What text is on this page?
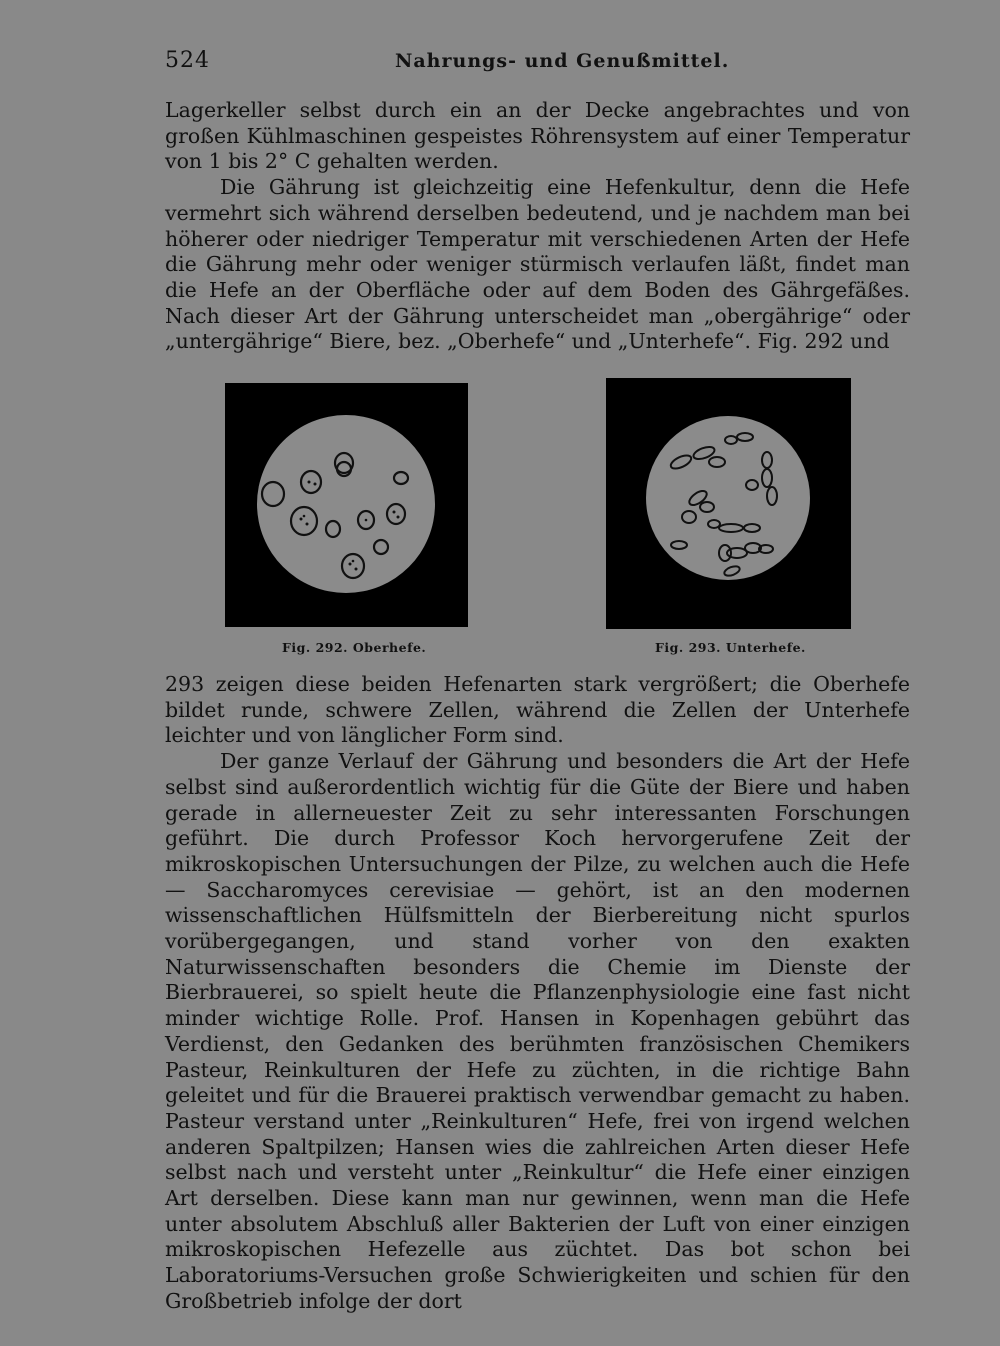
524	Nahrungs- und Genußmittel.

Lagerkeller selbst durch ein an der Decke angebrachtes und von großen Kühlmaschinen gespeistes Röhrensystem auf einer Temperatur von 1 bis 2° C gehalten werden.

Die Gährung ist gleichzeitig eine Hefenkultur, denn die Hefe vermehrt sich während derselben bedeutend, und je nachdem man bei höherer oder niedriger Temperatur mit verschiedenen Arten der Hefe die Gährung mehr oder weniger stürmisch verlaufen läßt, findet man die Hefe an der Oberfläche oder auf dem Boden des Gährgefäßes. Nach dieser Art der Gährung unterscheidet man „obergährige“ oder „untergährige“ Biere, bez. „Oberhefe“ und „Unterhefe“. Fig. 292 und

Fig. 292. Oberhefe.	Fig. 293. Unterhefe.

293 zeigen diese beiden Hefenarten stark vergrößert; die Oberhefe bildet runde, schwere Zellen, während die Zellen der Unterhefe leichter und von länglicher Form sind.

Der ganze Verlauf der Gährung und besonders die Art der Hefe selbst sind außerordentlich wichtig für die Güte der Biere und haben gerade in allerneuester Zeit zu sehr interessanten Forschungen geführt. Die durch Professor Koch hervorgerufene Zeit der mikroskopischen Untersuchungen der Pilze, zu welchen auch die Hefe — Saccharomyces cerevisiae — gehört, ist an den modernen wissenschaftlichen Hülfsmitteln der Bierbereitung nicht spurlos vorübergegangen, und stand vorher von den exakten Naturwissenschaften besonders die Chemie im Dienste der Bierbrauerei, so spielt heute die Pflanzenphysiologie eine fast nicht minder wichtige Rolle. Prof. Hansen in Kopenhagen gebührt das Verdienst, den Gedanken des berühmten französischen Chemikers Pasteur, Reinkulturen der Hefe zu züchten, in die richtige Bahn geleitet und für die Brauerei praktisch verwendbar gemacht zu haben. Pasteur verstand unter „Reinkulturen“ Hefe, frei von irgend welchen anderen Spaltpilzen; Hansen wies die zahlreichen Arten dieser Hefe selbst nach und versteht unter „Reinkultur“ die Hefe einer einzigen Art derselben. Diese kann man nur gewinnen, wenn man die Hefe unter absolutem Abschluß aller Bakterien der Luft von einer einzigen mikroskopischen Hefezelle aus züchtet. Das bot schon bei Laboratoriums-Versuchen große Schwierigkeiten und schien für den Großbetrieb infolge der dort
